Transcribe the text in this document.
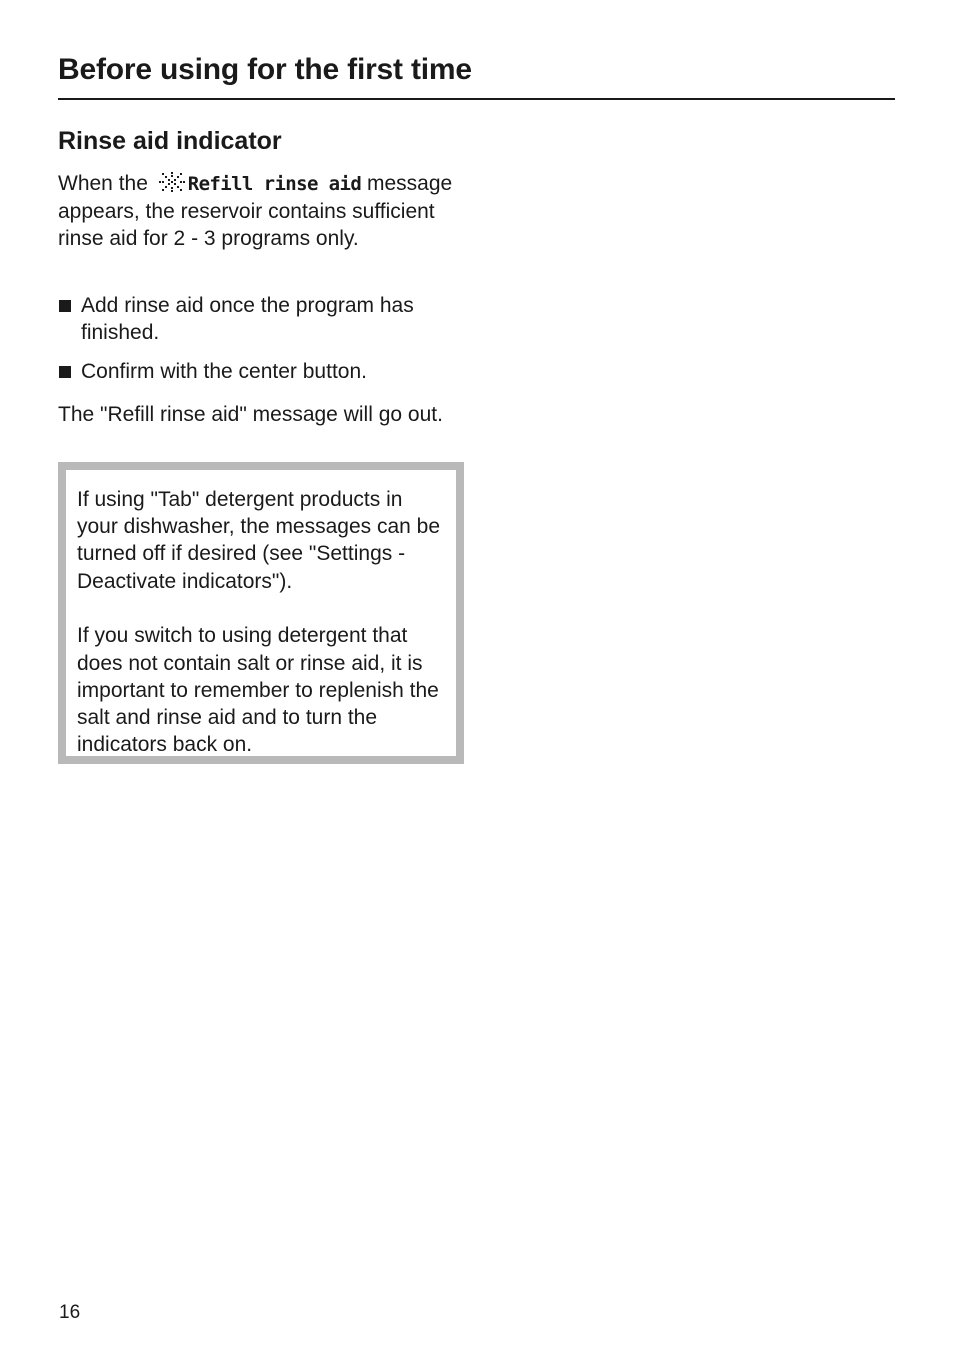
Before using for the first time
Rinse aid indicator

When the Refill rinse aid message appears, the reservoir contains sufficient rinse aid for 2 - 3 programs only.

Add rinse aid once the program has finished.
Confirm with the center button.

The "Refill rinse aid" message will go out.

If using "Tab" detergent products in your dishwasher, the messages can be turned off if desired (see "Settings - Deactivate indicators").

If you switch to using detergent that does not contain salt or rinse aid, it is important to remember to replenish the salt and rinse aid and to turn the indicators back on.

16
